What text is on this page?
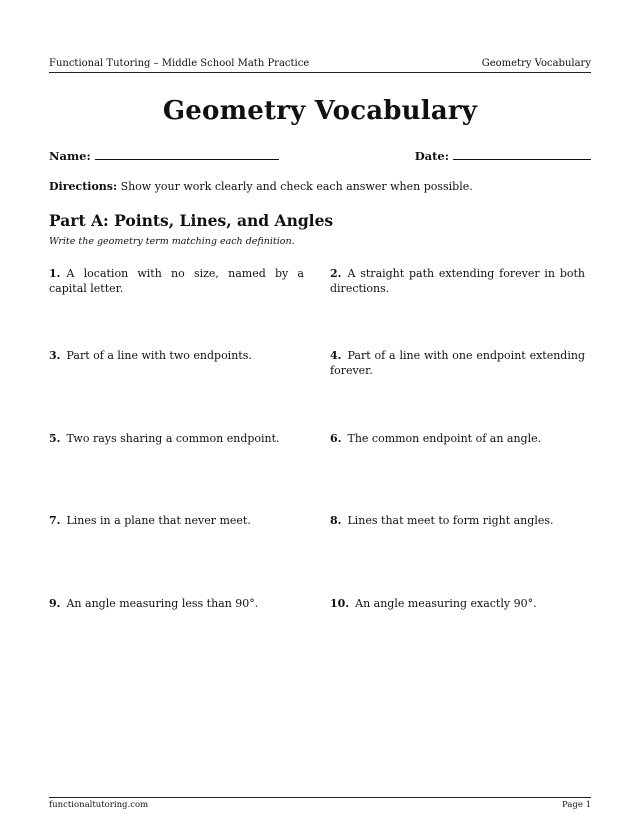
Functional Tutoring – Middle School Math Practice	Geometry Vocabulary
Geometry Vocabulary
Name:	Date:
Directions: Show your work clearly and check each answer when possible.
Part A: Points, Lines, and Angles
Write the geometry term matching each definition.
1. A location with no size, named by a capital letter.
2. A straight path extending forever in both directions.
3. Part of a line with two endpoints.	4. Part of a line with one endpoint extending forever.
5. Two rays sharing a common endpoint.	6. The common endpoint of an angle.
7. Lines in a plane that never meet.	8. Lines that meet to form right angles.
9. An angle measuring less than 90°.	10. An angle measuring exactly 90°.
functionaltutoring.com	Page 1
